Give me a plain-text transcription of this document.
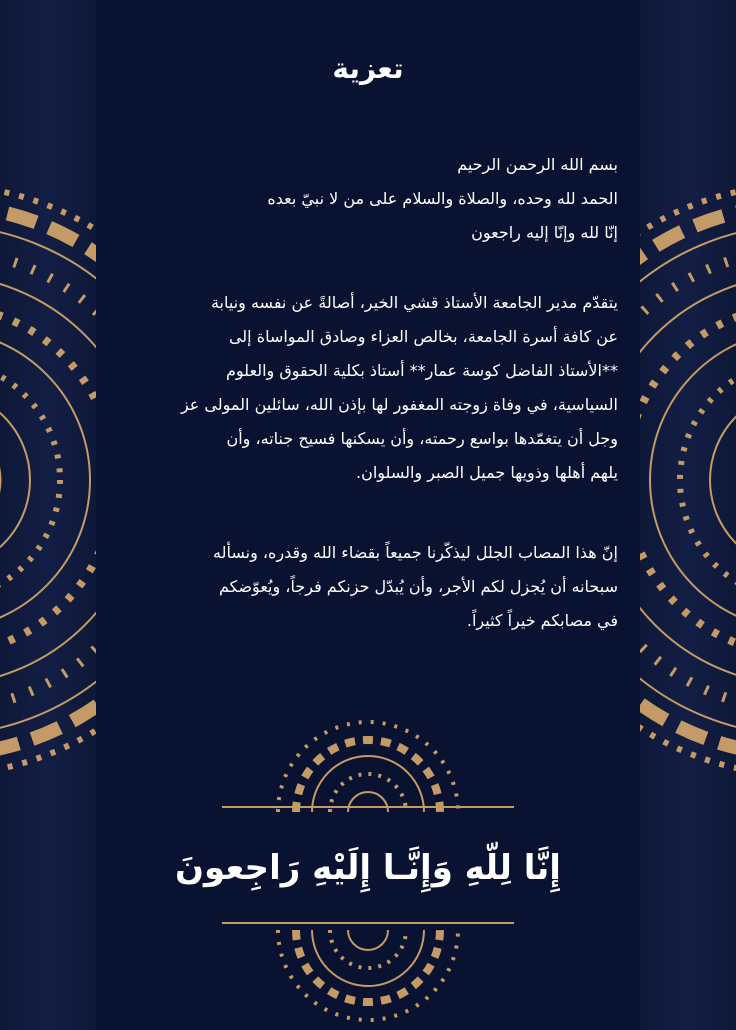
تعزية
بسم الله الرحمن الرحيم
الحمد لله وحده، والصلاة والسلام على من لا نبيّ بعده
إنّا لله وإنّا إليه راجعون
يتقدّم مدير الجامعة الأستاذ قشي الخير، أصالةً عن نفسه ونيابة
عن كافة أسرة الجامعة، بخالص العزاء وصادق المواساة إلى
**الأستاذ الفاضل كوسة عمار** أستاذ بكلية الحقوق والعلوم
السياسية، في وفاة زوجته المغفور لها بإذن الله، سائلين المولى عز
وجل أن يتغمّدها بواسع رحمته، وأن يسكنها فسيح جناته، وأن
يلهم أهلها وذويها جميل الصبر والسلوان.
إنّ هذا المصاب الجلل ليذكّرنا جميعاً بقضاء الله وقدره، ونسأله
سبحانه أن يُجزل لكم الأجر، وأن يُبدّل حزنكم فرجاً، ويُعوّضكم
في مصابكم خيراً كثيراً.
إِنَّا لِلّهِ وَإِنَّـا إِلَيْهِ رَاجِعونَ
